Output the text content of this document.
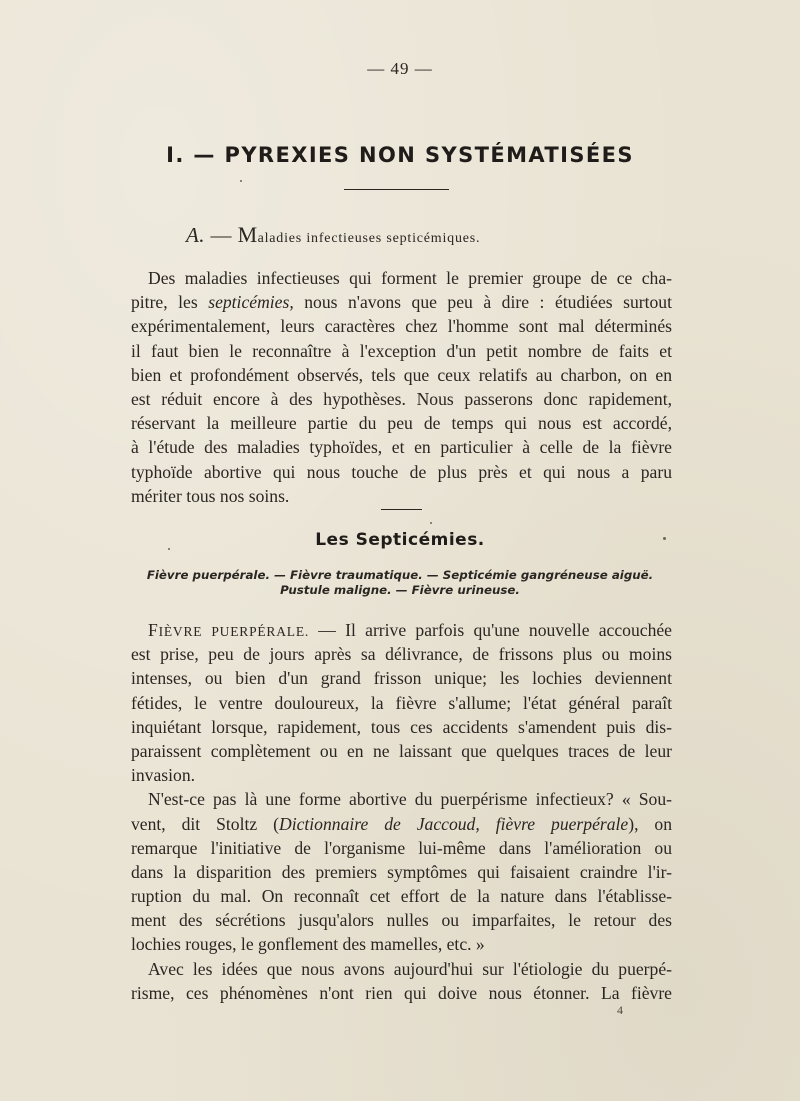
— 49 —
I. — PYREXIES NON SYSTÉMATISÉES
A. — Maladies infectieuses septicémiques.
Des maladies infectieuses qui forment le premier groupe de ce cha-
pitre, les septicémies, nous n'avons que peu à dire : étudiées surtout
expérimentalement, leurs caractères chez l'homme sont mal déterminés
il faut bien le reconnaître à l'exception d'un petit nombre de faits et
bien et profondément observés, tels que ceux relatifs au charbon, on en
est réduit encore à des hypothèses. Nous passerons donc rapidement,
réservant la meilleure partie du peu de temps qui nous est accordé,
à l'étude des maladies typhoïdes, et en particulier à celle de la fièvre
typhoïde abortive qui nous touche de plus près et qui nous a paru
mériter tous nos soins.
Les Septicémies.
Fièvre puerpérale. — Fièvre traumatique. — Septicémie gangréneuse aiguë.
Pustule maligne. — Fièvre urineuse.
FIÈVRE PUERPÉRALE. — Il arrive parfois qu'une nouvelle accouchée
est prise, peu de jours après sa délivrance, de frissons plus ou moins
intenses, ou bien d'un grand frisson unique; les lochies deviennent
fétides, le ventre douloureux, la fièvre s'allume; l'état général paraît
inquiétant lorsque, rapidement, tous ces accidents s'amendent puis dis-
paraissent complètement ou en ne laissant que quelques traces de leur
invasion.
N'est-ce pas là une forme abortive du puerpérisme infectieux? « Sou-
vent, dit Stoltz (Dictionnaire de Jaccoud, fièvre puerpérale), on
remarque l'initiative de l'organisme lui-même dans l'amélioration ou
dans la disparition des premiers symptômes qui faisaient craindre l'ir-
ruption du mal. On reconnaît cet effort de la nature dans l'établisse-
ment des sécrétions jusqu'alors nulles ou imparfaites, le retour des
lochies rouges, le gonflement des mamelles, etc. »
Avec les idées que nous avons aujourd'hui sur l'étiologie du puerpé-
risme, ces phénomènes n'ont rien qui doive nous étonner. La fièvre
4
